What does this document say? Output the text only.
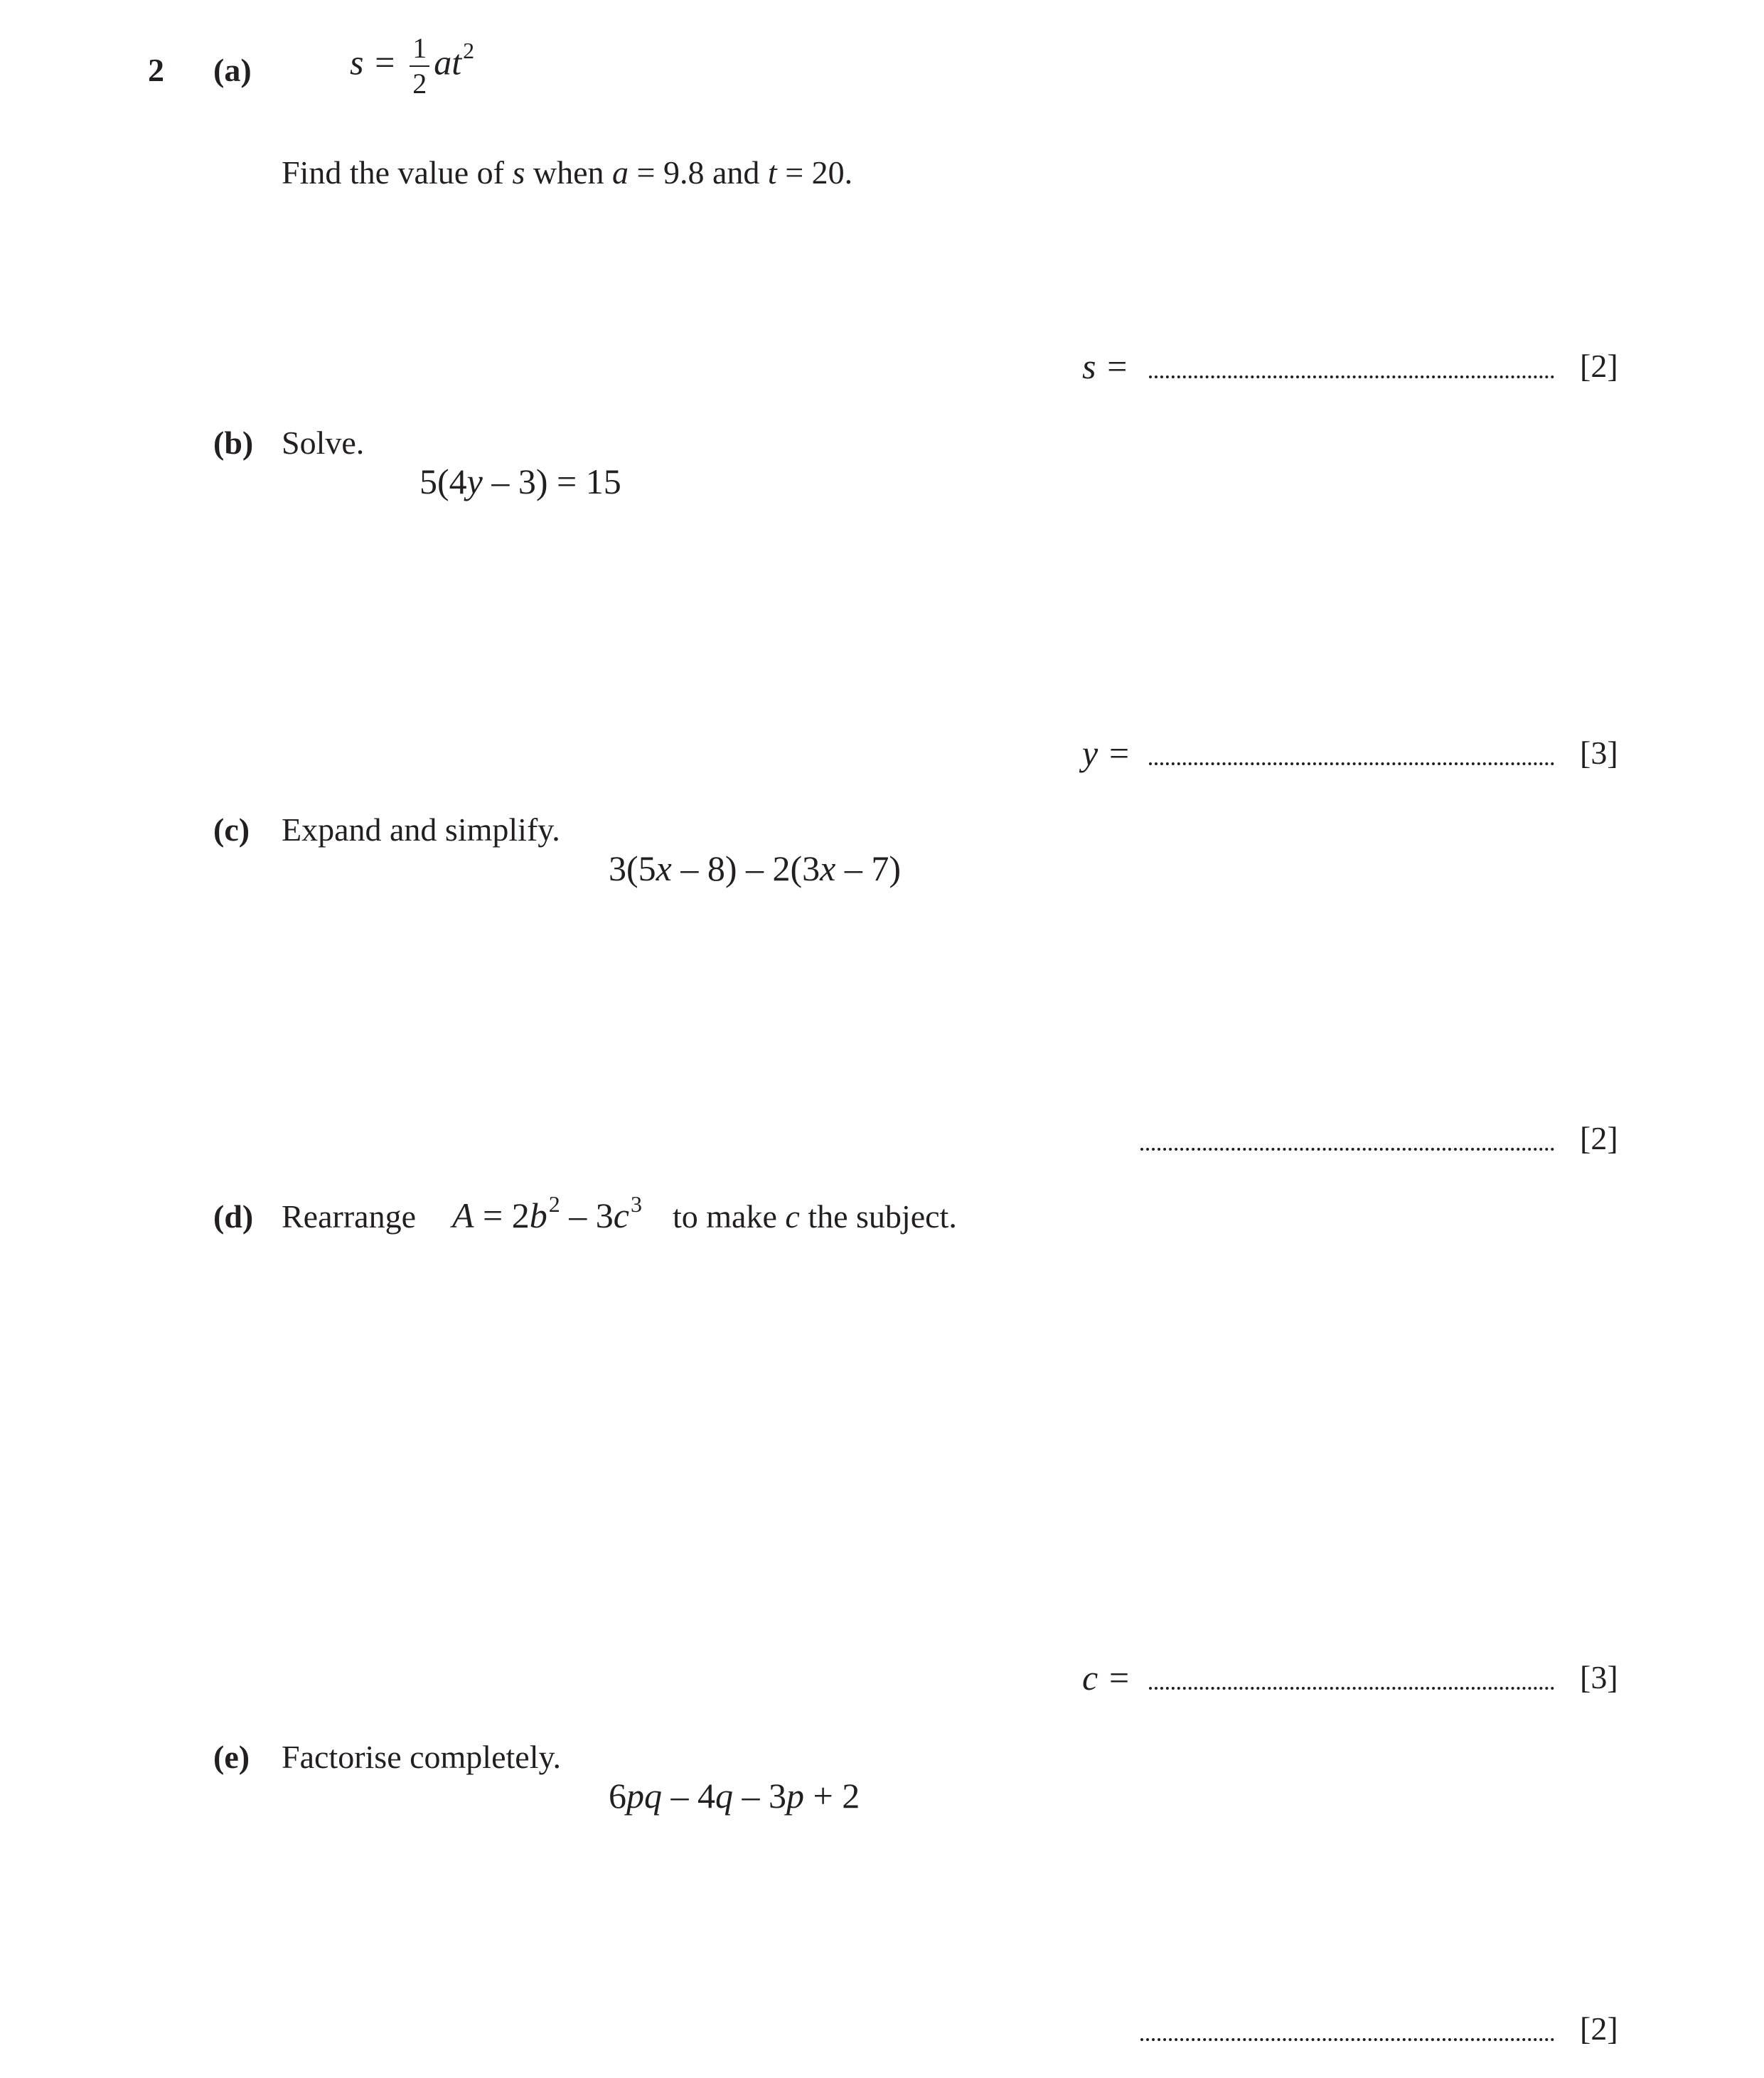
2 (a)	$s = \frac{1}{2} at^2$
Find the value of s when a = 9.8 and t = 20.
s =	[2]
(b) Solve.
5(4y – 3) = 15
y =	[3]
(c) Expand and simplify.
3(5x – 8) – 2(3x – 7)
[2]
(d) Rearrange $A = 2b^2 - 3c^3$ to make c the subject.
c =	[3]
(e) Factorise completely.
6pq – 4q – 3p + 2
[2]
